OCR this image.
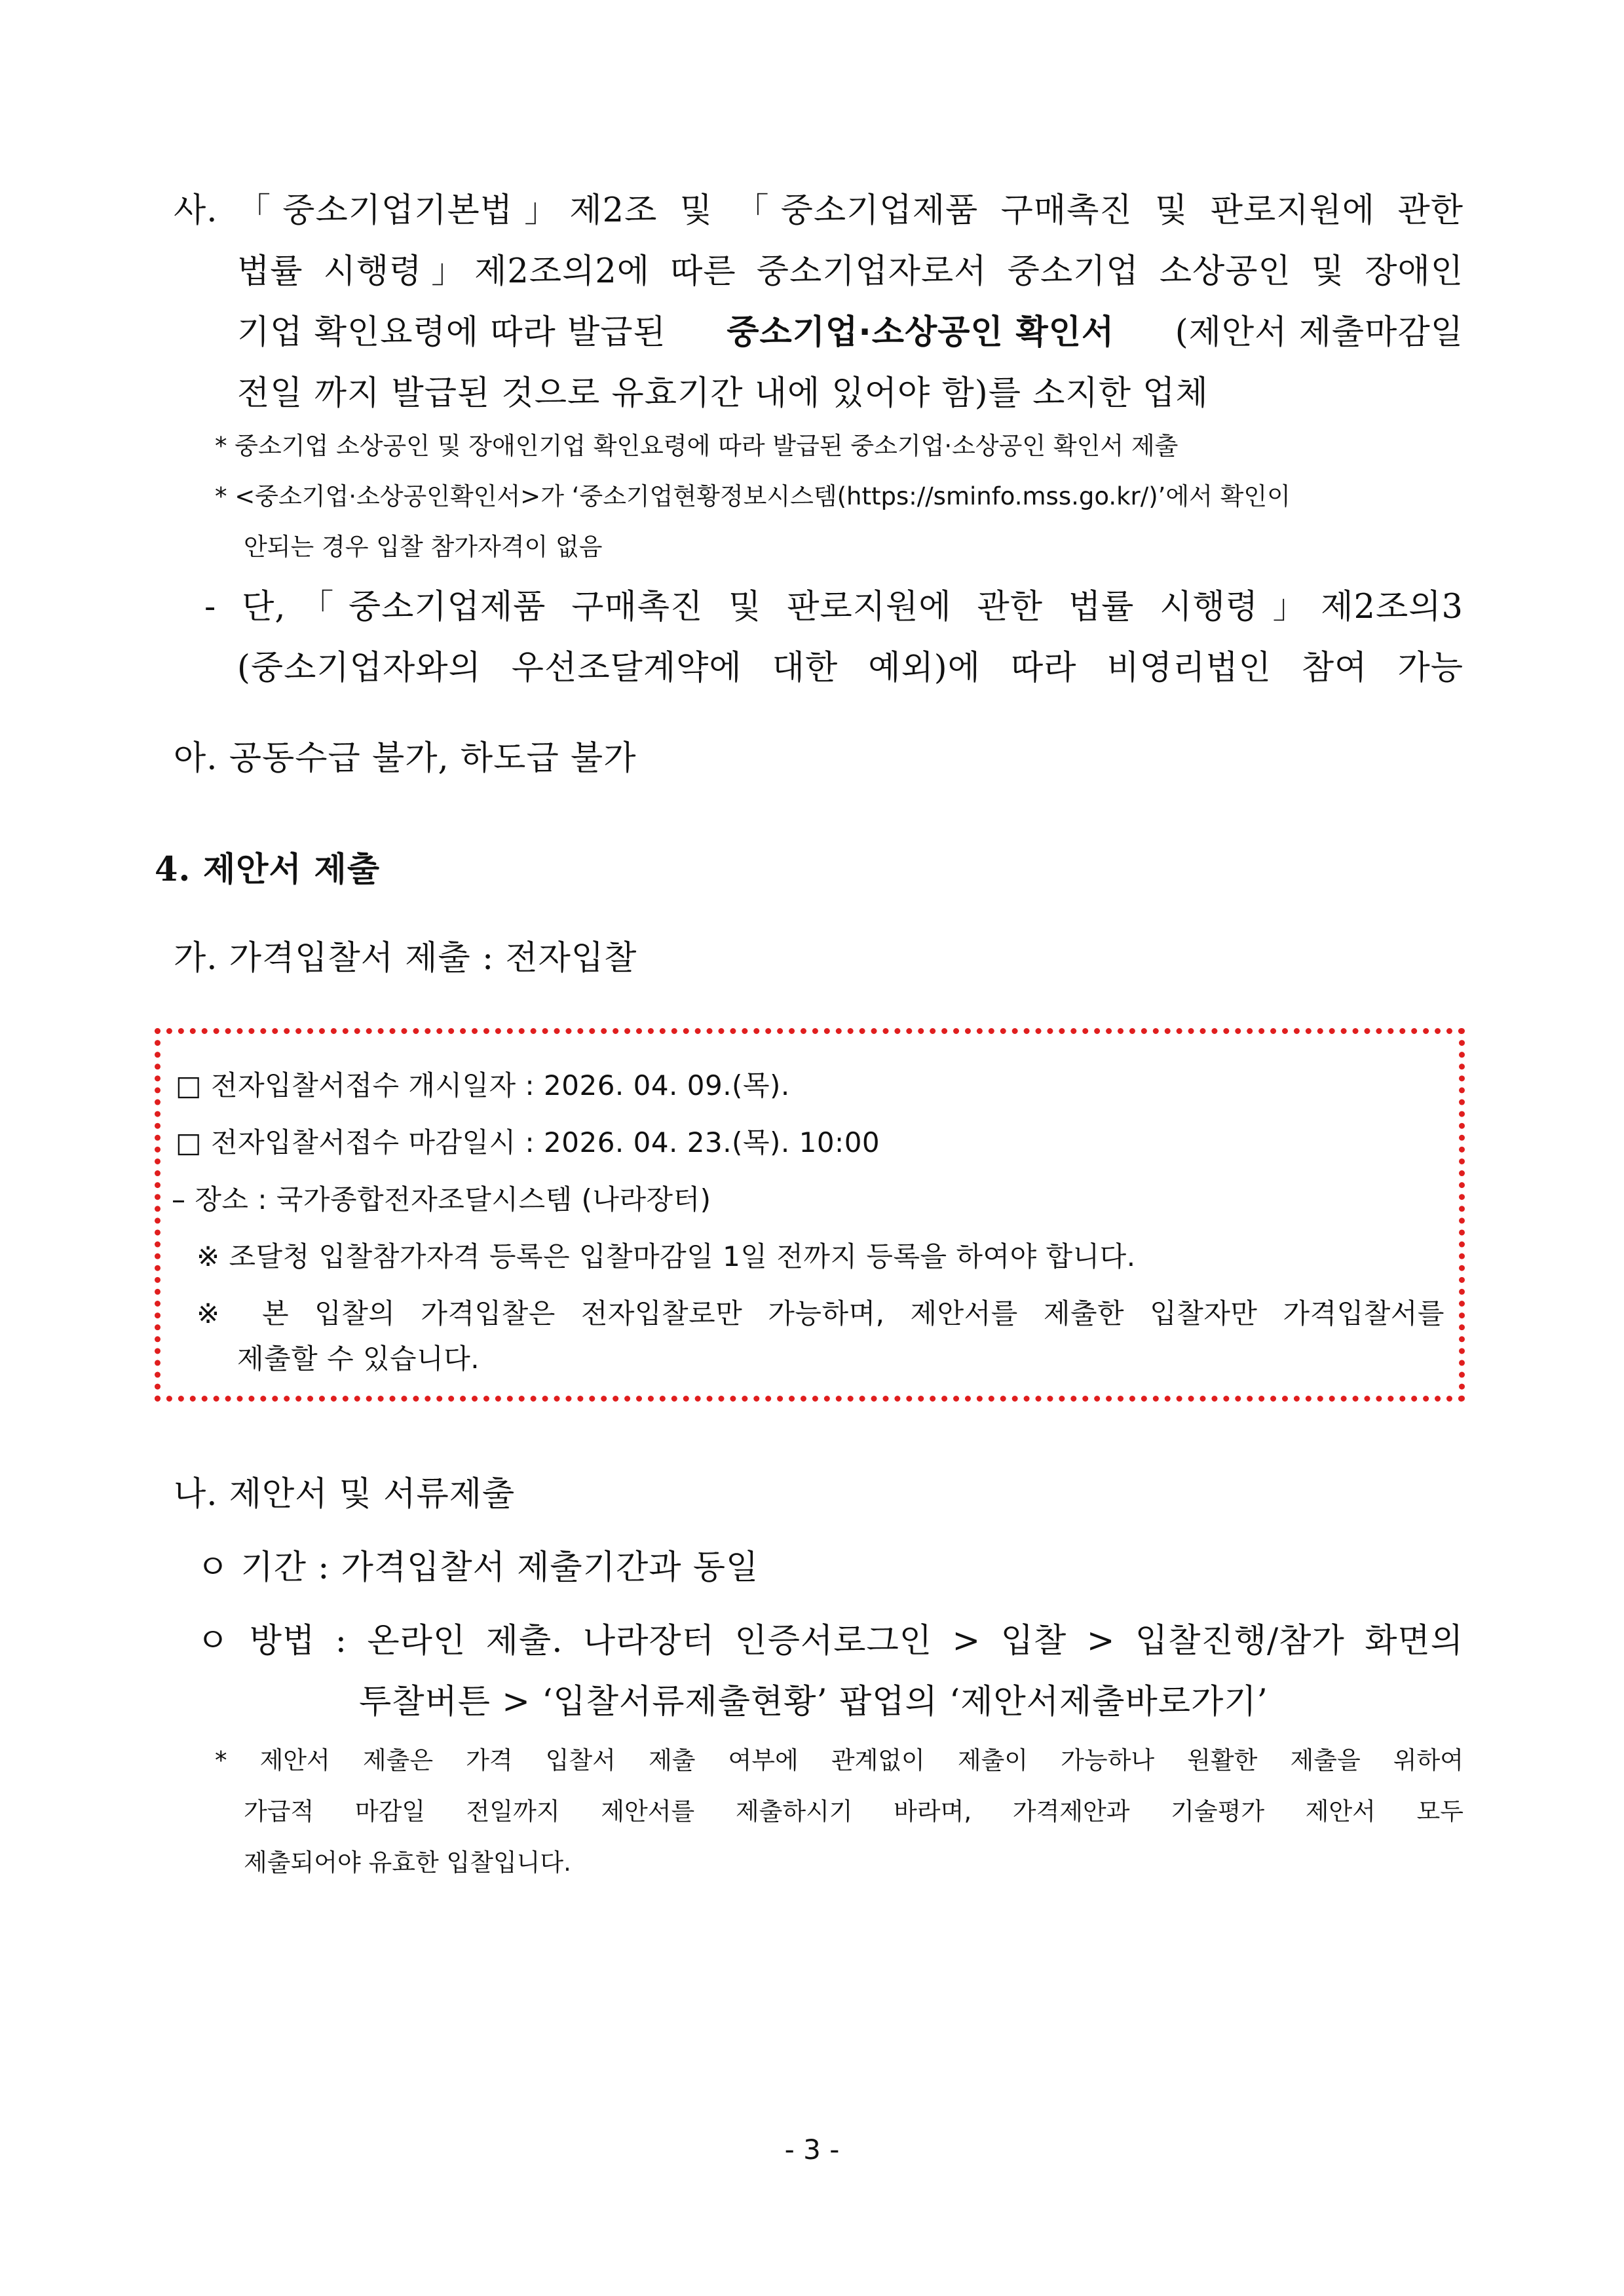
사. 「중소기업기본법」제2조 및 「중소기업제품 구매촉진 및 판로지원에 관한
법률 시행령」제2조의2에 따른 중소기업자로서 중소기업 소상공인 및 장애인
기업 확인요령에 따라 발급된 중소기업·소상공인 확인서 (제안서 제출마감일
전일 까지 발급된 것으로 유효기간 내에 있어야 함)를 소지한 업체
* 중소기업 소상공인 및 장애인기업 확인요령에 따라 발급된 중소기업·소상공인 확인서 제출
* <중소기업·소상공인확인서>가 ‘중소기업현황정보시스템(https://sminfo.mss.go.kr/)’에서 확인이
안되는 경우 입찰 참가자격이 없음
- 단,「중소기업제품 구매촉진 및 판로지원에 관한 법률 시행령」제2조의3
(중소기업자와의 우선조달계약에 대한 예외)에 따라 비영리법인 참여 가능
아. 공동수급 불가, 하도급 불가
4. 제안서 제출
가. 가격입찰서 제출 : 전자입찰
□ 전자입찰서접수 개시일자 : 2026. 04. 09.(목).
□ 전자입찰서접수 마감일시 : 2026. 04. 23.(목). 10:00
– 장소 : 국가종합전자조달시스템 (나라장터)
※ 조달청 입찰참가자격 등록은 입찰마감일 1일 전까지 등록을 하여야 합니다.
※ 본 입찰의 가격입찰은 전자입찰로만 가능하며, 제안서를 제출한 입찰자만 가격입찰서를
제출할 수 있습니다.
나. 제안서 및 서류제출
ㅇ 기간 : 가격입찰서 제출기간과 동일
ㅇ 방법 : 온라인 제출. 나라장터 인증서로그인 > 입찰 > 입찰진행/참가 화면의
투찰버튼 > ‘입찰서류제출현황’ 팝업의 ‘제안서제출바로가기’
* 제안서 제출은 가격 입찰서 제출 여부에 관계없이 제출이 가능하나 원활한 제출을 위하여
가급적 마감일 전일까지 제안서를 제출하시기 바라며, 가격제안과 기술평가 제안서 모두
제출되어야 유효한 입찰입니다.
- 3 -
